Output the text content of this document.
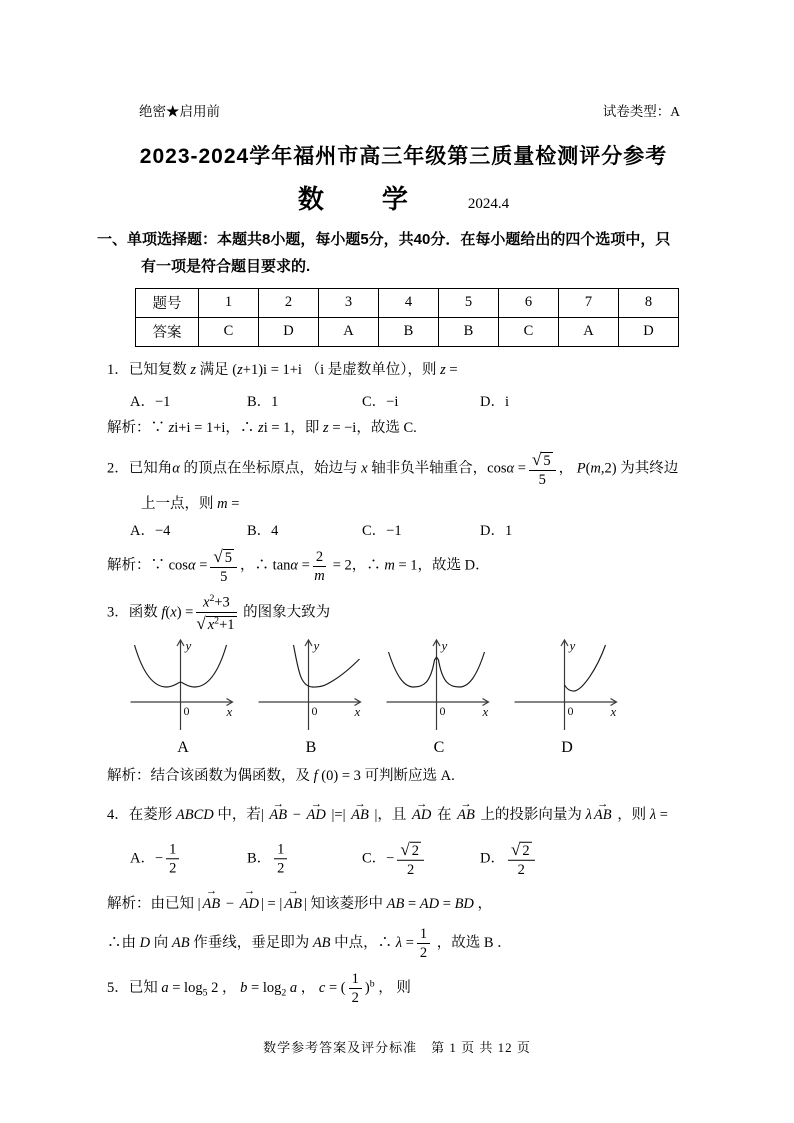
绝密★启用前	试卷类型：A
2023-2024学年福州市高三年级第三质量检测评分参考
数　　学	2024.4
一、单项选择题：本题共8小题，每小题5分，共40分．在每小题给出的四个选项中，只
有一项是符合题目要求的.
题号	1	2	3	4	5	6	7	8
答案	C	D	A	B	B	C	A	D
1．已知复数 z 满足 (z+1)i = 1+i （i 是虚数单位），则 z =
A．−1	B．1	C．−i	D．i
解析：∵ zi+i = 1+i，∴ zi = 1，即 z = −i，故选 C.
2．已知角α 的顶点在坐标原点，始边与 x 轴非负半轴重合，$\cos\alpha = \frac{√ 5}{5}$ ， P(m,2) 为其终边
上一点，则 m =
A．−4	B．4	C．−1	D．1
解析：∵ $\cos\alpha = \frac{√ 5}{5}$ ，∴ $\tan\alpha = \frac{2}{m} = 2$，∴ m = 1，故选 D．
3．函数 $f(x) = \frac{x^2+3}{√ x^2+1}$ 的图象大致为
y
x
0
A
y
x
0
B
y
x
0
C
y
x
0
D
解析：结合该函数为偶函数，及 f (0) = 3 可判断应选 A.
4．在菱形 ABCD 中，若| → AB − → AD |=| → AB |，且 → AD 在 → AB 上的投影向量为 λ → AB ，则 λ =
A．− $\frac{1}{2}$	B． $\frac{1}{2}$	C．− $\frac{√ 2}{2}$	D． $\frac{√ 2}{2}$
解析：由已知 | → AB − → AD | = | → AB | 知该菱形中 AB = AD = BD ，
∴由 D 向 AB 作垂线，垂足即为 AB 中点，∴ $\lambda = \frac{1}{2}$ ，故选 B ．
5．已知 $a = \log_5 2$ ， $b = \log_2 a$ ， c = ( $\frac{1}{2} )^b$ ， 则
数学参考答案及评分标准　第 1 页 共 12 页
